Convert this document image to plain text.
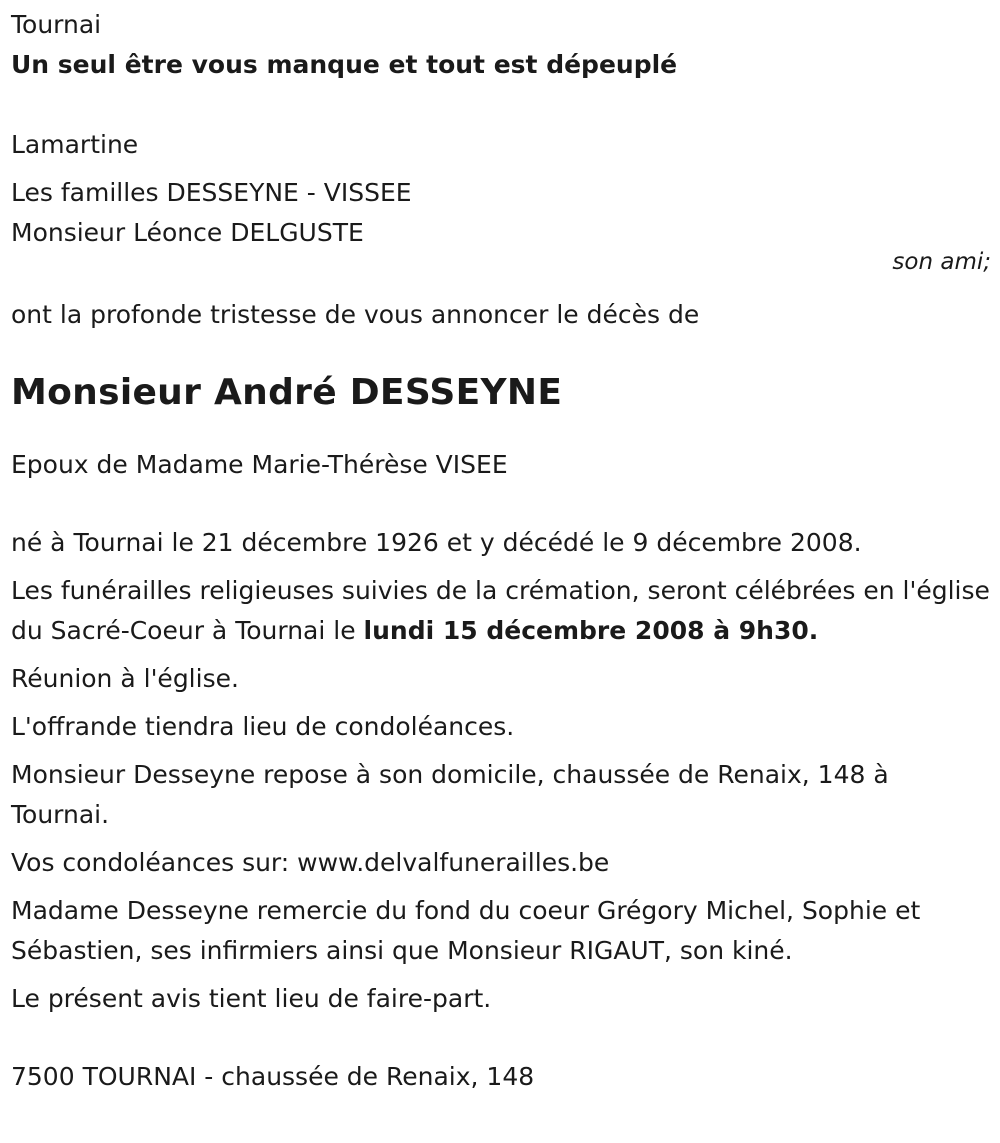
Tournai
Un seul être vous manque et tout est dépeuplé
Lamartine
Les familles DESSEYNE - VISSEE
Monsieur Léonce DELGUSTE
son ami;
ont la profonde tristesse de vous annoncer le décès de
Monsieur André DESSEYNE
Epoux de Madame Marie-Thérèse VISEE
né à Tournai le 21 décembre 1926 et y décédé le 9 décembre 2008.
Les funérailles religieuses suivies de la crémation, seront célébrées en l'église du Sacré-Coeur à Tournai le lundi 15 décembre 2008 à 9h30.
Réunion à l'église.
L'offrande tiendra lieu de condoléances.
Monsieur Desseyne repose à son domicile, chaussée de Renaix, 148 à Tournai.
Vos condoléances sur: www.delvalfunerailles.be
Madame Desseyne remercie du fond du coeur Grégory Michel, Sophie et Sébastien, ses infirmiers ainsi que Monsieur RIGAUT, son kiné.
Le présent avis tient lieu de faire-part.
7500 TOURNAI - chaussée de Renaix, 148
